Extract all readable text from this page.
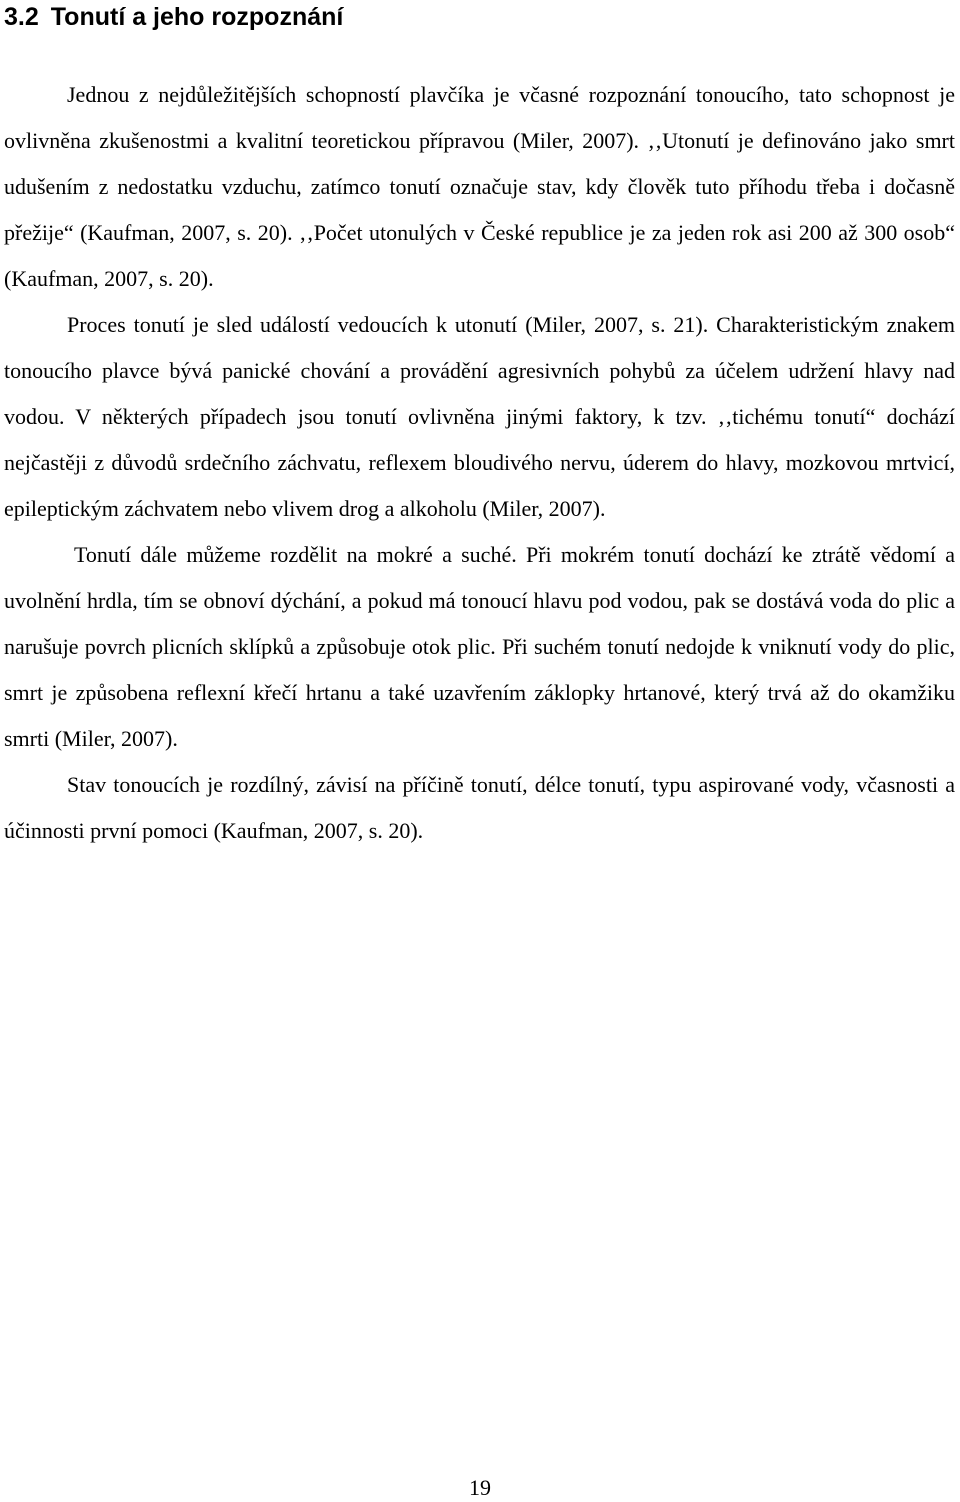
3.2 Tonutí a jeho rozpoznání

Jednou z nejdůležitějších schopností plavčíka je včasné rozpoznání tonoucího, tato schopnost je ovlivněna zkušenostmi a kvalitní teoretickou přípravou (Miler, 2007). ‚‚Utonutí je definováno jako smrt udušením z nedostatku vzduchu, zatímco tonutí označuje stav, kdy člověk tuto příhodu třeba i dočasně přežije“ (Kaufman, 2007, s. 20). ‚‚Počet utonulých v České republice je za jeden rok asi 200 až 300 osob“ (Kaufman, 2007, s. 20).

Proces tonutí je sled událostí vedoucích k utonutí (Miler, 2007, s. 21). Charakteristickým znakem tonoucího plavce bývá panické chování a provádění agresivních pohybů za účelem udržení hlavy nad vodou. V některých případech jsou tonutí ovlivněna jinými faktory, k tzv. ‚‚tichému tonutí“ dochází nejčastěji z důvodů srdečního záchvatu, reflexem bloudivého nervu, úderem do hlavy, mozkovou mrtvicí, epileptickým záchvatem nebo vlivem drog a alkoholu (Miler, 2007).

Tonutí dále můžeme rozdělit na mokré a suché. Při mokrém tonutí dochází ke ztrátě vědomí a uvolnění hrdla, tím se obnoví dýchání, a pokud má tonoucí hlavu pod vodou, pak se dostává voda do plic a narušuje povrch plicních sklípků a způsobuje otok plic. Při suchém tonutí nedojde k vniknutí vody do plic, smrt je způsobena reflexní křečí hrtanu a také uzavřením záklopky hrtanové, který trvá až do okamžiku smrti (Miler, 2007).

Stav tonoucích je rozdílný, závisí na příčině tonutí, délce tonutí, typu aspirované vody, včasnosti a účinnosti první pomoci (Kaufman, 2007, s. 20).

19
